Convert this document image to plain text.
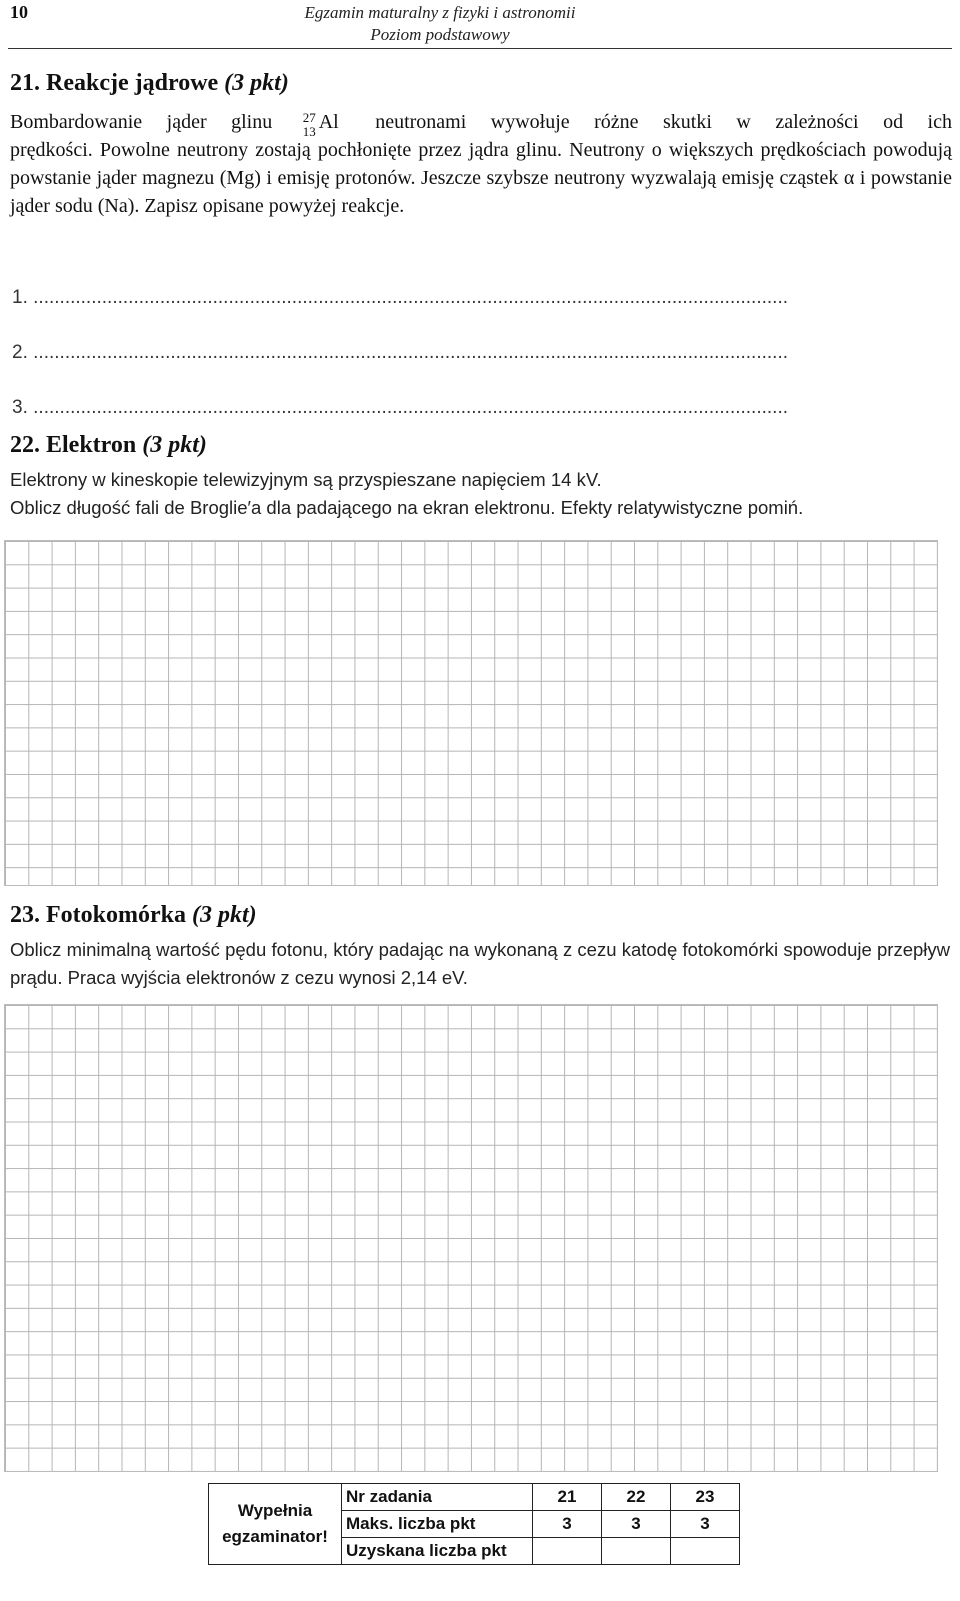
10	Egzamin maturalny z fizyki i astronomii
Poziom podstawowy
21. Reakcje jądrowe (3 pkt)

Bombardowanie jąder glinu 27
13 Al neutronami wywołuje różne skutki w zależności od ich

prędkości. Powolne neutrony zostają pochłonięte przez jądra glinu. Neutrony o większych prędkościach powodują powstanie jąder magnezu (Mg) i emisję protonów. Jeszcze szybsze neutrony wyzwalają emisję cząstek α i powstanie jąder sodu (Na). Zapisz opisane powyżej reakcje.

1. ...............................................................................................................................................
2. ...............................................................................................................................................
3. ...............................................................................................................................................
22. Elektron (3 pkt)
Elektrony w kineskopie telewizyjnym są przyspieszane napięciem 14 kV.
Oblicz długość fali de Broglie′a dla padającego na ekran elektronu. Efekty relatywistyczne pomiń.
23. Fotokomórka (3 pkt)
Oblicz minimalną wartość pędu fotonu, który padając na wykonaną z cezu katodę fotokomórki spowoduje przepływ prądu. Praca wyjścia elektronów z cezu wynosi 2,14 eV.
Wypełnia
egzaminator!	Nr zadania	21	22	23
	Maks. liczba pkt	3	3	3
	Uzyskana liczba pkt			
